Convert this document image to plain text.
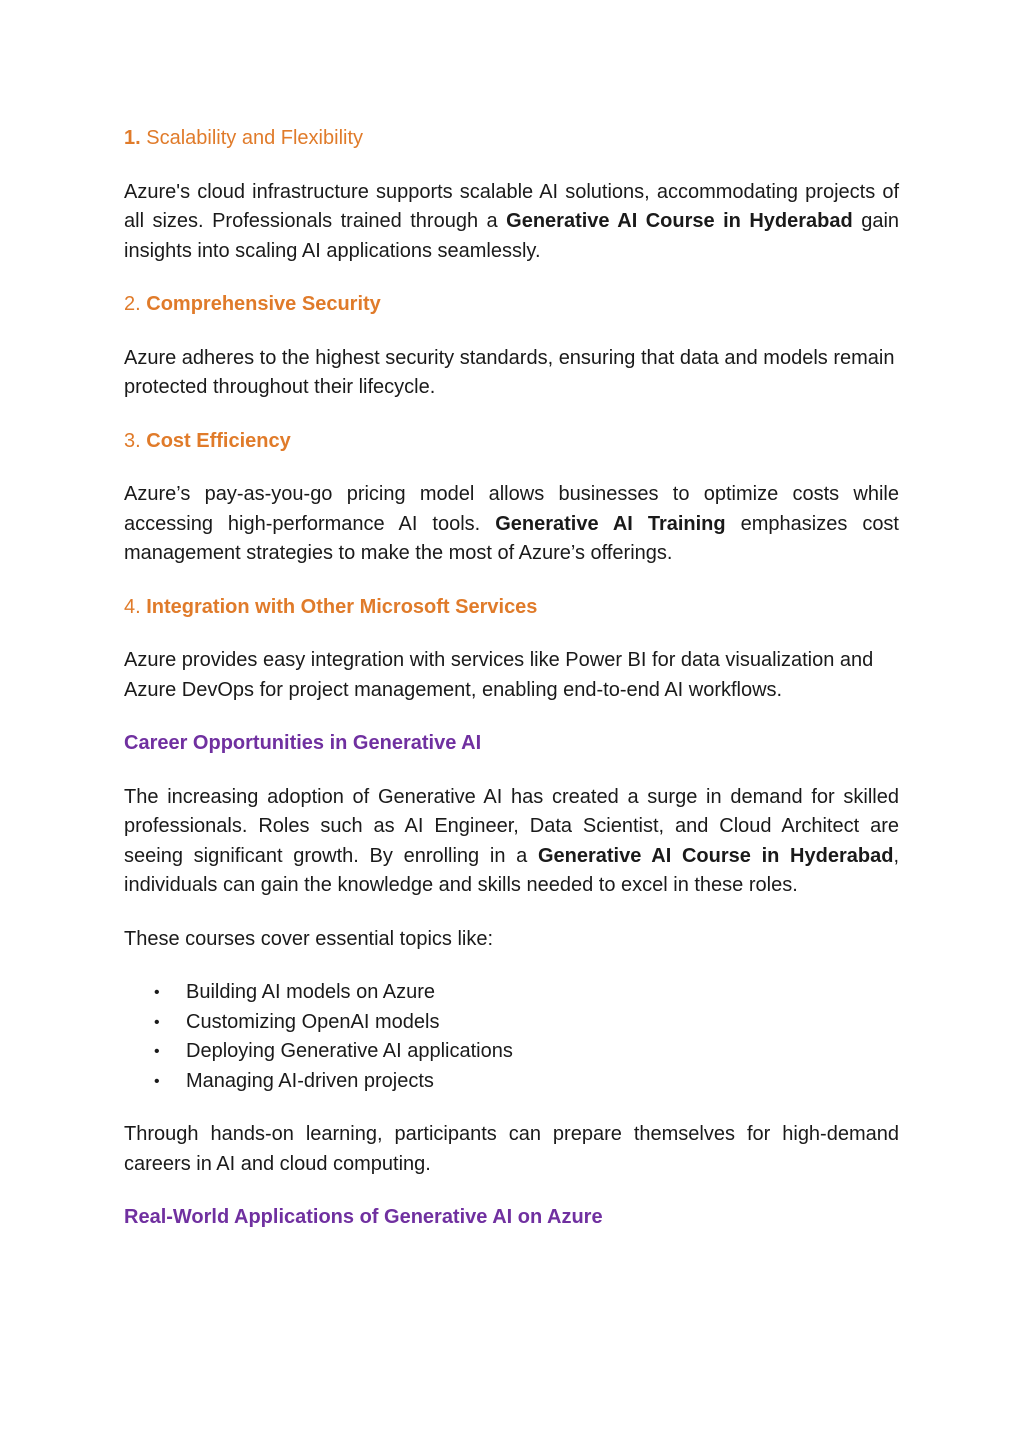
1. Scalability and Flexibility

Azure's cloud infrastructure supports scalable AI solutions, accommodating projects of all sizes. Professionals trained through a Generative AI Course in Hyderabad gain insights into scaling AI applications seamlessly.

2. Comprehensive Security

Azure adheres to the highest security standards, ensuring that data and models remain protected throughout their lifecycle.

3. Cost Efficiency

Azure’s pay-as-you-go pricing model allows businesses to optimize costs while accessing high-performance AI tools. Generative AI Training emphasizes cost management strategies to make the most of Azure’s offerings.

4. Integration with Other Microsoft Services

Azure provides easy integration with services like Power BI for data visualization and Azure DevOps for project management, enabling end-to-end AI workflows.

Career Opportunities in Generative AI

The increasing adoption of Generative AI has created a surge in demand for skilled professionals. Roles such as AI Engineer, Data Scientist, and Cloud Architect are seeing significant growth. By enrolling in a Generative AI Course in Hyderabad, individuals can gain the knowledge and skills needed to excel in these roles.

These courses cover essential topics like:

• Building AI models on Azure
• Customizing OpenAI models
• Deploying Generative AI applications
• Managing AI-driven projects

Through hands-on learning, participants can prepare themselves for high-demand careers in AI and cloud computing.

Real-World Applications of Generative AI on Azure
